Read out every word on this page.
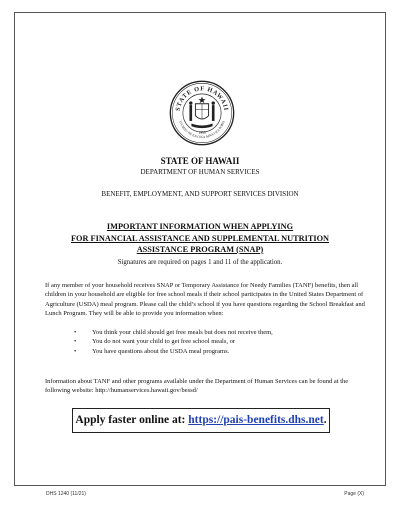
STATE OF HAWAII
UA MAU KE EA O KA AINA I KA PONO
1959
STATE OF HAWAII
DEPARTMENT OF HUMAN SERVICES
BENEFIT, EMPLOYMENT, AND SUPPORT SERVICES DIVISION
IMPORTANT INFORMATION WHEN APPLYING
FOR FINANCIAL ASSISTANCE AND SUPPLEMENTAL NUTRITION
ASSISTANCE PROGRAM (SNAP)
Signatures are required on pages 1 and 11 of the application.
If any member of your household receives SNAP or Temporary Assistance for Needy Families (TANF) benefits, then all children in your household are eligible for free school meals if their school participates in the United States Department of Agriculture (USDA) meal program. Please call the child’s school if you have questions regarding the School Breakfast and Lunch Program. They will be able to provide you information when:
• You think your child should get free meals but does not receive them,
• You do not want your child to get free school meals, or
• You have questions about the USDA meal programs.
Information about TANF and other programs available under the Department of Human Services can be found at the following website: http://humanservices.hawaii.gov/bessd/
Apply faster online at: https://pais-benefits.dhs.net.
DHS 1240 (11/21)	Page (X)
